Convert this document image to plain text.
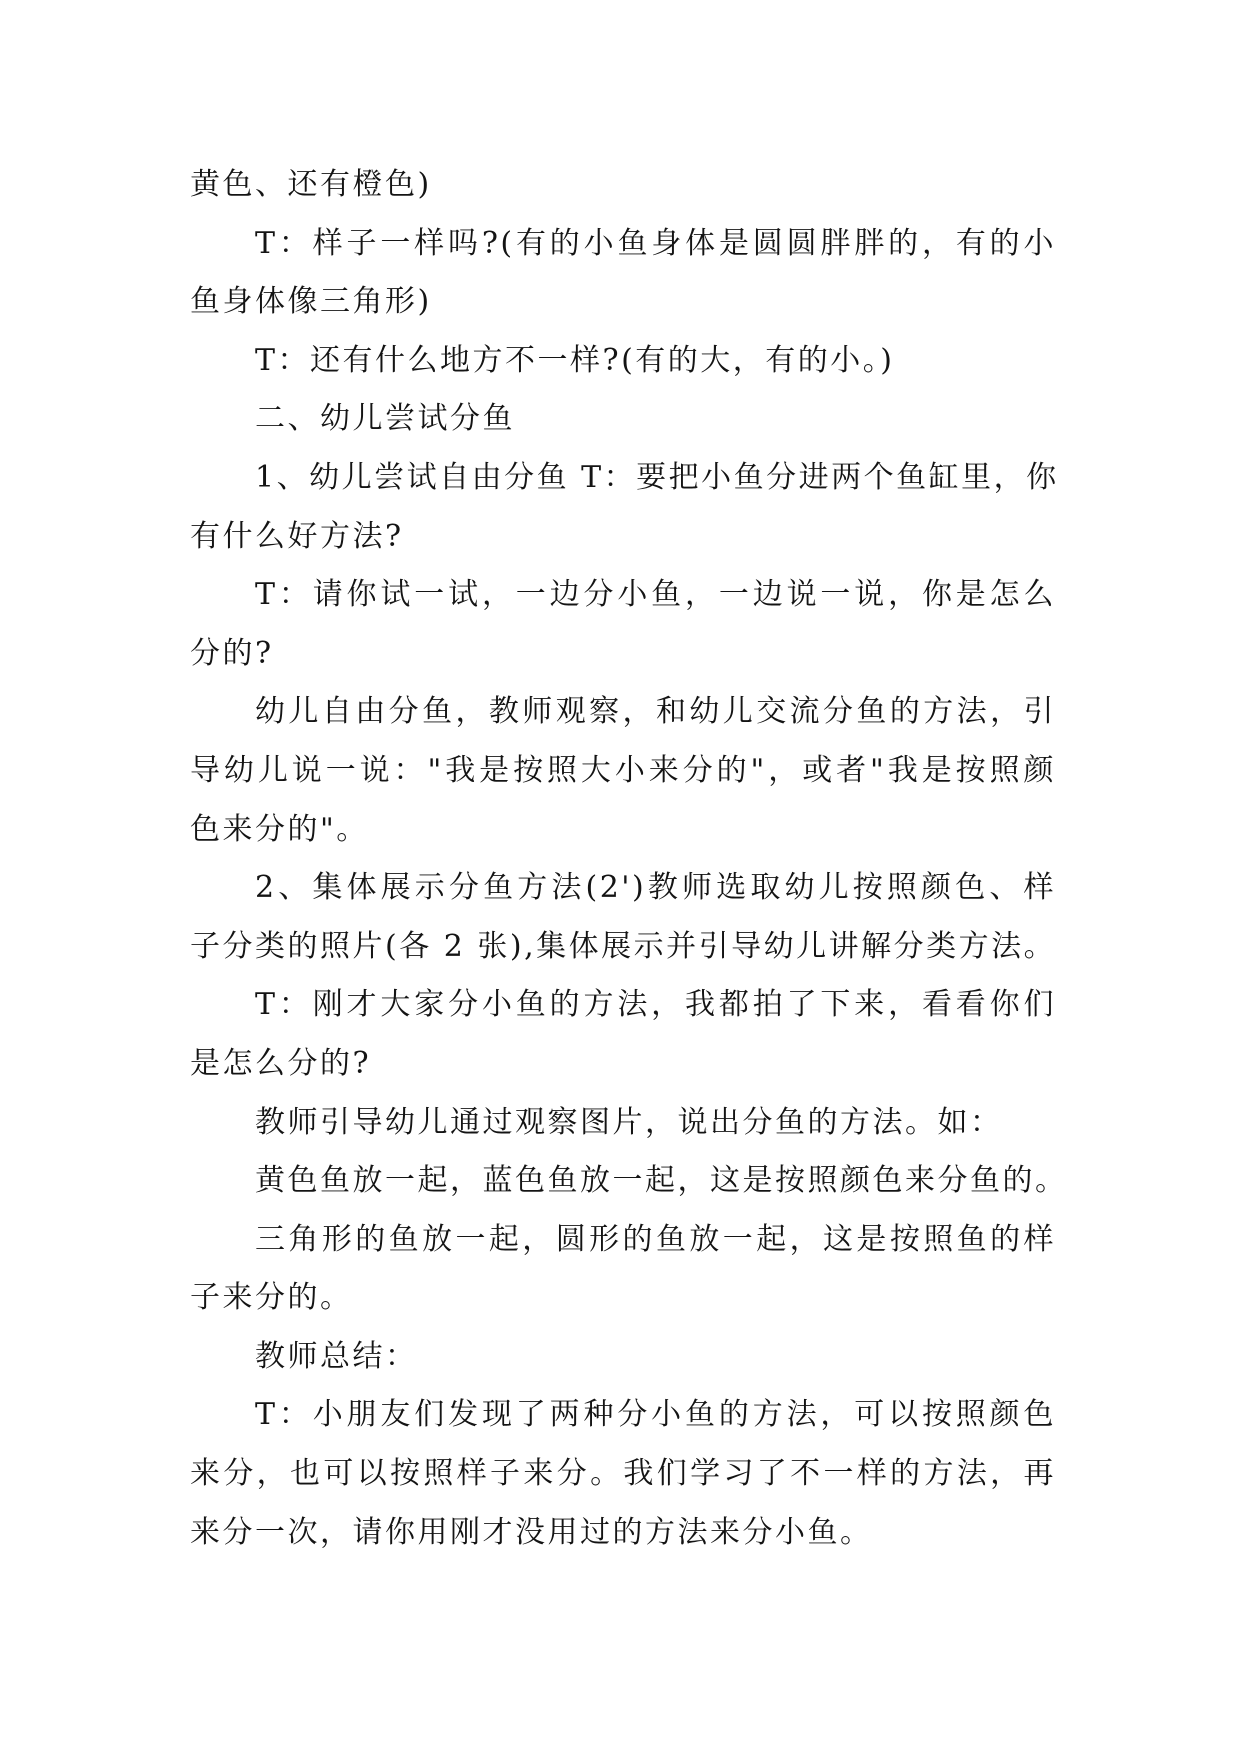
黄色、还有橙色)
T：样子一样吗?(有的小鱼身体是圆圆胖胖的，有的小
鱼身体像三角形)
T：还有什么地方不一样?(有的大，有的小。)
二、幼儿尝试分鱼
1、幼儿尝试自由分鱼 T：要把小鱼分进两个鱼缸里，你
有什么好方法?
T：请你试一试，一边分小鱼，一边说一说，你是怎么
分的?
幼儿自由分鱼，教师观察，和幼儿交流分鱼的方法，引
导幼儿说一说："我是按照大小来分的"，或者"我是按照颜
色来分的"。
2、集体展示分鱼方法(2')教师选取幼儿按照颜色、样
子分类的照片(各 2 张),集体展示并引导幼儿讲解分类方法。
T：刚才大家分小鱼的方法，我都拍了下来，看看你们
是怎么分的?
教师引导幼儿通过观察图片，说出分鱼的方法。如：
黄色鱼放一起，蓝色鱼放一起，这是按照颜色来分鱼的。
三角形的鱼放一起，圆形的鱼放一起，这是按照鱼的样
子来分的。
教师总结：
T：小朋友们发现了两种分小鱼的方法，可以按照颜色
来分，也可以按照样子来分。我们学习了不一样的方法，再
来分一次，请你用刚才没用过的方法来分小鱼。
